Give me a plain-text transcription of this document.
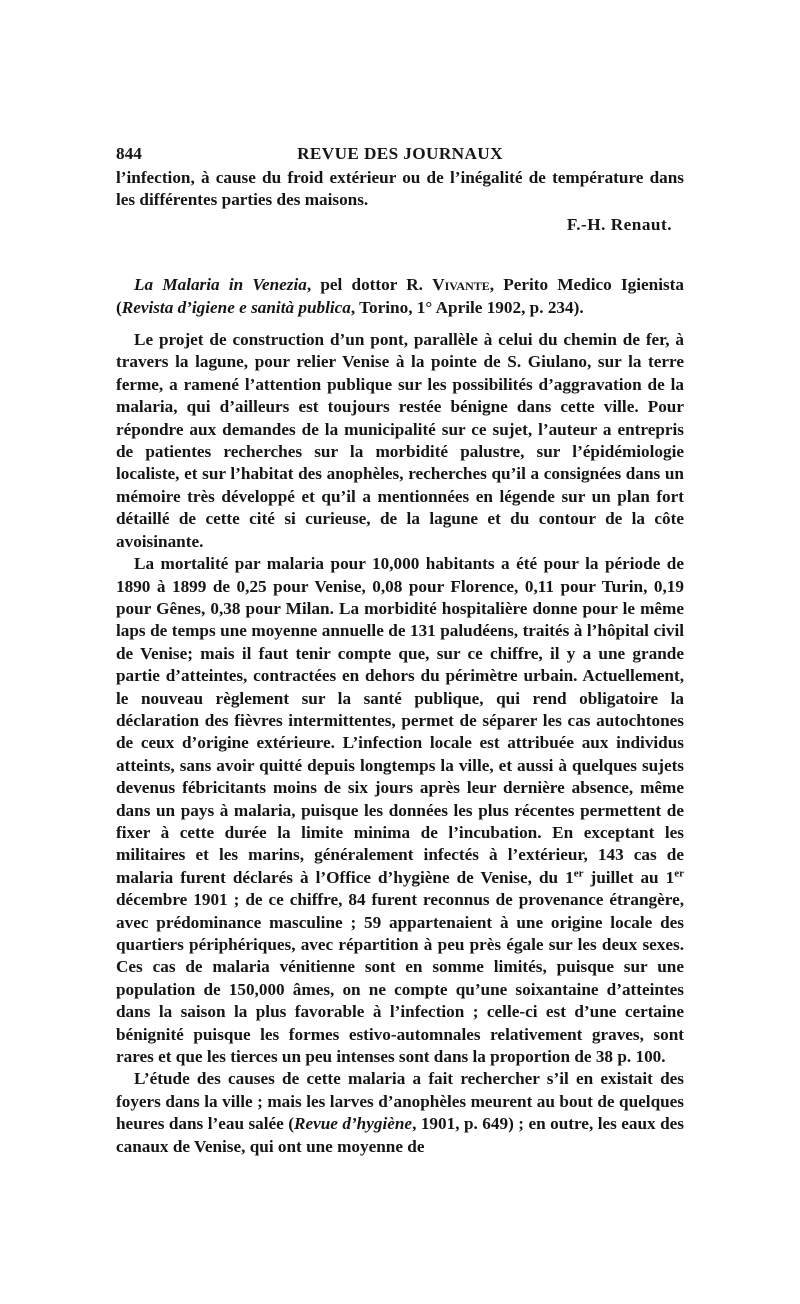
844	REVUE DES JOURNAUX

l’infection, à cause du froid extérieur ou de l’inégalité de température dans les différentes parties des maisons.

F.-H. Renaut.

La Malaria in Venezia, pel dottor R. Vivante, Perito Medico Igienista (Revista d’igiene e sanità publica, Torino, 1° Aprile 1902, p. 234).

Le projet de construction d’un pont, parallèle à celui du chemin de fer, à travers la lagune, pour relier Venise à la pointe de S. Giulano, sur la terre ferme, a ramené l’attention publique sur les possibilités d’aggravation de la malaria, qui d’ailleurs est toujours restée bénigne dans cette ville. Pour répondre aux demandes de la municipalité sur ce sujet, l’auteur a entrepris de patientes recherches sur la morbidité palustre, sur l’épidémiologie localiste, et sur l’habitat des anophèles, recherches qu’il a consignées dans un mémoire très développé et qu’il a mentionnées en légende sur un plan fort détaillé de cette cité si curieuse, de la lagune et du contour de la côte avoisinante.

La mortalité par malaria pour 10,000 habitants a été pour la période de 1890 à 1899 de 0,25 pour Venise, 0,08 pour Florence, 0,11 pour Turin, 0,19 pour Gênes, 0,38 pour Milan. La morbidité hospitalière donne pour le même laps de temps une moyenne annuelle de 131 paludéens, traités à l’hôpital civil de Venise; mais il faut tenir compte que, sur ce chiffre, il y a une grande partie d’atteintes, contractées en dehors du périmètre urbain. Actuellement, le nouveau règlement sur la santé publique, qui rend obligatoire la déclaration des fièvres intermittentes, permet de séparer les cas autochtones de ceux d’origine extérieure. L’infection locale est attribuée aux individus atteints, sans avoir quitté depuis longtemps la ville, et aussi à quelques sujets devenus fébricitants moins de six jours après leur dernière absence, même dans un pays à malaria, puisque les données les plus récentes permettent de fixer à cette durée la limite minima de l’incubation. En exceptant les militaires et les marins, généralement infectés à l’extérieur, 143 cas de malaria furent déclarés à l’Office d’hygiène de Venise, du 1er juillet au 1er décembre 1901 ; de ce chiffre, 84 furent reconnus de provenance étrangère, avec prédominance masculine ; 59 appartenaient à une origine locale des quartiers périphériques, avec répartition à peu près égale sur les deux sexes. Ces cas de malaria vénitienne sont en somme limités, puisque sur une population de 150,000 âmes, on ne compte qu’une soixantaine d’atteintes dans la saison la plus favorable à l’infection ; celle-ci est d’une certaine bénignité puisque les formes estivo-automnales relativement graves, sont rares et que les tierces un peu intenses sont dans la proportion de 38 p. 100.

L’étude des causes de cette malaria a fait rechercher s’il en existait des foyers dans la ville ; mais les larves d’anophèles meurent au bout de quelques heures dans l’eau salée (Revue d’hygiène, 1901, p. 649) ; en outre, les eaux des canaux de Venise, qui ont une moyenne de
